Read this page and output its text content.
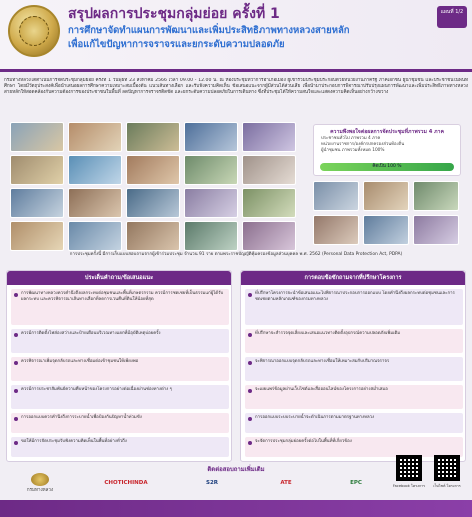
สรุปผลการประชุมกลุ่มย่อย ครั้งที่ 1
การศึกษาจัดทำแผนการพัฒนาและเพิ่มประสิทธิภาพทางหลวงสายหลัก
เพื่อแก้ไขปัญหาการจราจรและยกระดับความปลอดภัย
แผนที่ 1/2
กรมทางหลวงได้ดำเนินการจัดประชุมกลุ่มย่อย ครั้งที่ 1 วันพุธที่ 23 สิงหาคม 2566 เวลา 09.00 - 12.00 น. ณ ห้องประชุมที่ว่าการอำเภอเมือง ผู้เข้าร่วมประชุมประกอบด้วยหน่วยงานภาครัฐ ภาคเอกชน ผู้นำชุมชน และประชาชนในพื้นที่ศึกษา โดยมีวัตถุประสงค์เพื่อนำเสนอผลการศึกษาความเหมาะสมเบื้องต้น แนวเส้นทางเลือก และรับฟังความคิดเห็น ข้อเสนอแนะจากผู้มีส่วนได้ส่วนเสีย เพื่อนำมาประกอบการพิจารณาปรับปรุงแผนการพัฒนาและเพิ่มประสิทธิภาพทางหลวงสายหลักให้สอดคล้องกับความต้องการของประชาชนในพื้นที่ ลดปัญหาการจราจรติดขัด และยกระดับความปลอดภัยในการเดินทาง ซึ่งที่ประชุมได้ให้ความสนใจและแสดงความคิดเห็นอย่างกว้างขวาง
ความพึงพอใจต่อผลการจัดประชุมที่ภาพรวม 4 ภาค
ประชาชนทั่วไป ภาพรวม 4 ภาค
หน่วยงานราชการ/องค์กรปกครองส่วนท้องถิ่น
ผู้นำชุมชน ภาพรวมทั้งหมด 100%
คิดเป็น 100 %
การประชุมครั้งนี้ มีการเก็บแบบสอบถามจากผู้เข้าร่วมประชุม จำนวน 91 ราย ตามพระราชบัญญัติคุ้มครองข้อมูลส่วนบุคคล พ.ศ. 2562 (Personal Data Protection Act, PDPA)
ประเด็นคำถาม/ข้อเสนอแนะ
การพัฒนาทางหลวงควรคำนึงถึงผลกระทบต่อชุมชนและพื้นที่เกษตรกรรม ควรมีการชดเชยที่เป็นธรรมแก่ผู้ได้รับผลกระทบ และควรพิจารณาเส้นทางเลือกที่ลดการเวนคืนที่ดินให้น้อยที่สุด
ควรมีการติดตั้งไฟส่องสว่างและป้ายเตือนบริเวณทางแยกที่มีอุบัติเหตุบ่อยครั้ง
ควรพิจารณาเพิ่มจุดกลับรถและทางเชื่อมต่อเข้าชุมชนให้เพียงพอ
ควรมีการประชาสัมพันธ์ความคืบหน้าของโครงการอย่างต่อเนื่องผ่านช่องทางต่าง ๆ
การออกแบบควรคำนึงถึงการระบายน้ำเพื่อป้องกันปัญหาน้ำท่วมขัง
ขอให้มีการจัดประชุมรับฟังความคิดเห็นในพื้นที่อย่างทั่วถึง
การตอบข้อซักถามจากที่ปรึกษาโครงการ
ที่ปรึกษาโครงการจะนำข้อเสนอแนะไปพิจารณาประกอบการออกแบบ โดยคำนึงถึงผลกระทบต่อชุมชนและการชดเชยตามหลักเกณฑ์ของกรมทางหลวง
ที่ปรึกษาจะสำรวจจุดเสี่ยงและเสนอแนวทางติดตั้งอุปกรณ์ความปลอดภัยเพิ่มเติม
จะพิจารณาออกแบบจุดกลับรถและทางเชื่อมให้เหมาะสมกับปริมาณจราจร
จะเผยแพร่ข้อมูลผ่านเว็บไซต์และสื่อออนไลน์ของโครงการอย่างสม่ำเสมอ
การออกแบบระบบระบายน้ำจะดำเนินการตามมาตรฐานทางหลวง
จะจัดการประชุมกลุ่มย่อยครั้งต่อไปในพื้นที่ที่เกี่ยวข้อง
ติดต่อสอบถามเพิ่มเติม
กรมทางหลวง
CHOTICHINDA	S2R	ATE	EPC	Facebook โครงการ	เว็บไซต์ โครงการ
